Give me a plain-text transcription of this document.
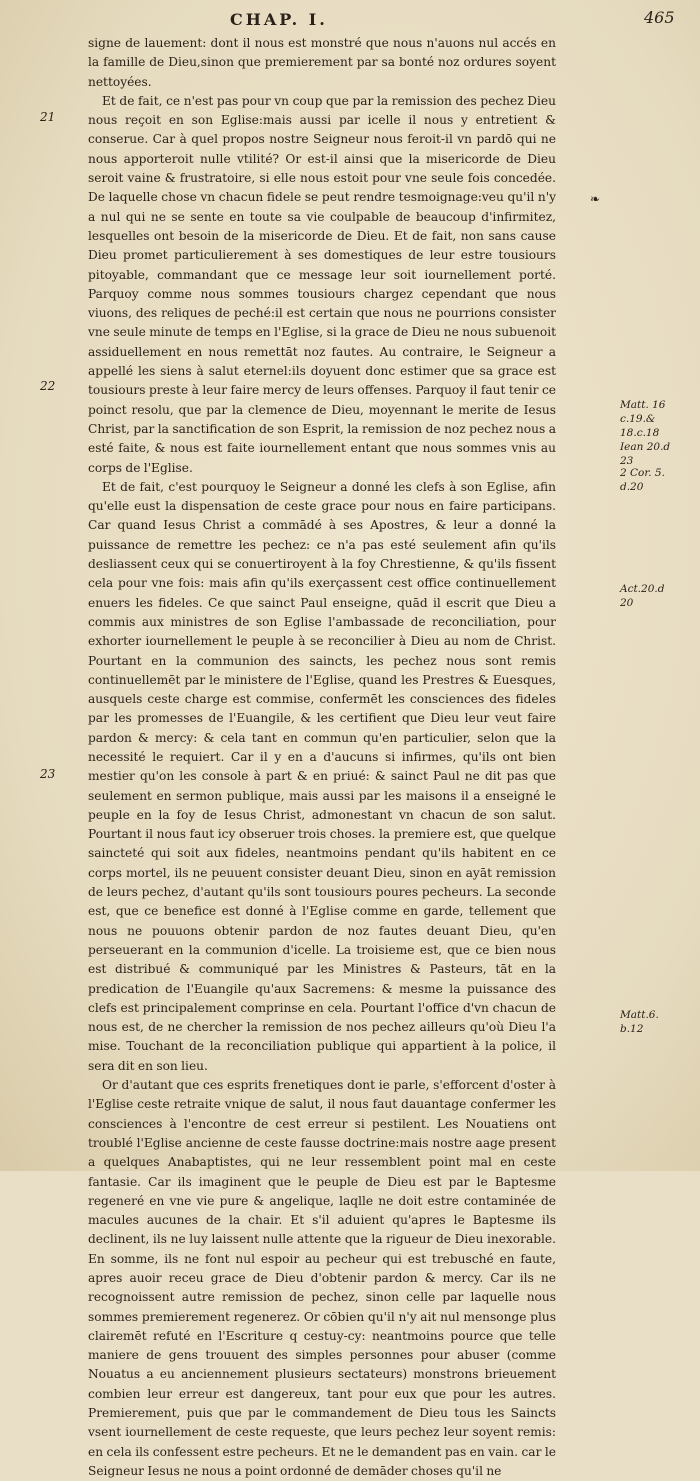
CHAP. I.	465
21
22
23
❧

signe de lauement: dont il nous est monstré que nous n'auons nul accés en la famille de Dieu,sinon que premierement par sa bonté noz ordures soyent nettoyées.

Et de fait, ce n'est pas pour vn coup que par la remission des pechez Dieu nous reçoit en son Eglise:mais aussi par icelle il nous y entretient & conserue. Car à quel propos nostre Seigneur nous feroit-il vn pardō qui ne nous apporteroit nulle vtilité? Or est-il ainsi que la misericorde de Dieu seroit vaine & frustratoire, si elle nous estoit pour vne seule fois concedée. De laquelle chose vn chacun fidele se peut rendre tesmoignage:veu qu'il n'y a nul qui ne se sente en toute sa vie coulpable de beaucoup d'infirmitez, lesquelles ont besoin de la misericorde de Dieu. Et de fait, non sans cause Dieu promet particulierement à ses domestiques de leur estre tousiours pitoyable, commandant que ce message leur soit iournellement porté. Parquoy comme nous sommes tousiours chargez cependant que nous viuons, des reliques de peché:il est certain que nous ne pourrions consister vne seule minute de temps en l'Eglise, si la grace de Dieu ne nous subuenoit assiduellement en nous remettāt noz fautes. Au contraire, le Seigneur a appellé les siens à salut eternel:ils doyuent donc estimer que sa grace est tousiours preste à leur faire mercy de leurs offenses. Parquoy il faut tenir ce poinct resolu, que par la clemence de Dieu, moyennant le merite de Iesus Christ, par la sanctification de son Esprit, la remission de noz pechez nous a esté faite, & nous est faite iournellement entant que nous sommes vnis au corps de l'Eglise.

Et de fait, c'est pourquoy le Seigneur a donné les clefs à son Eglise, afin qu'elle eust la dispensation de ceste grace pour nous en faire participans. Car quand Iesus Christ a commādé à ses Apostres, & leur a donné la puissance de remettre les pechez: ce n'a pas esté seulement afin qu'ils desliassent ceux qui se conuertiroyent à la foy Chrestienne, & qu'ils fissent cela pour vne fois: mais afin qu'ils exerçassent cest office continuellement enuers les fideles. Ce que sainct Paul enseigne, quād il escrit que Dieu a commis aux ministres de son Eglise l'ambassade de reconciliation, pour exhorter iournellement le peuple à se reconcilier à Dieu au nom de Christ. Pourtant en la communion des saincts, les pechez nous sont remis continuellemēt par le ministere de l'Eglise, quand les Prestres & Euesques, ausquels ceste charge est commise, confermēt les consciences des fideles par les promesses de l'Euangile, & les certifient que Dieu leur veut faire pardon & mercy: & cela tant en commun qu'en particulier, selon que la necessité le requiert. Car il y en a d'aucuns si infirmes, qu'ils ont bien mestier qu'on les console à part & en priué: & sainct Paul ne dit pas que seulement en sermon publique, mais aussi par les maisons il a enseigné le peuple en la foy de Iesus Christ, admonestant vn chacun de son salut. Pourtant il nous faut icy obseruer trois choses. la premiere est, que quelque saincteté qui soit aux fideles, neantmoins pendant qu'ils habitent en ce corps mortel, ils ne peuuent consister deuant Dieu, sinon en ayāt remission de leurs pechez, d'autant qu'ils sont tousiours poures pecheurs. La seconde est, que ce benefice est donné à l'Eglise comme en garde, tellement que nous ne pouuons obtenir pardon de noz fautes deuant Dieu, qu'en perseuerant en la communion d'icelle. La troisieme est, que ce bien nous est distribué & communiqué par les Ministres & Pasteurs, tāt en la predication de l'Euangile qu'aux Sacremens: & mesme la puissance des clefs est principalement comprinse en cela. Pourtant l'office d'vn chacun de nous est, de ne chercher la remission de nos pechez ailleurs qu'où Dieu l'a mise. Touchant de la reconciliation publique qui appartient à la police, il sera dit en son lieu.

Or d'autant que ces esprits frenetiques dont ie parle, s'efforcent d'oster à l'Eglise ceste retraite vnique de salut, il nous faut dauantage confermer les consciences à l'encontre de cest erreur si pestilent. Les Nouatiens ont troublé l'Eglise ancienne de ceste fausse doctrine:mais nostre aage present a quelques Anabaptistes, qui ne leur ressemblent point mal en ceste fantasie. Car ils imaginent que le peuple de Dieu est par le Baptesme regeneré en vne vie pure & angelique, laqlle ne doit estre contaminée de macules aucunes de la chair. Et s'il aduient qu'apres le Baptesme ils declinent, ils ne luy laissent nulle attente que la rigueur de Dieu inexorable. En somme, ils ne font nul espoir au pecheur qui est trebusché en faute, apres auoir receu grace de Dieu d'obtenir pardon & mercy. Car ils ne recognoissent autre remission de pechez, sinon celle par laquelle nous sommes premierement regenerez. Or cōbien qu'il n'y ait nul mensonge plus clairemēt refuté en l'Escriture q cestuy-cy: neantmoins pource que telle maniere de gens trouuent des simples personnes pour abuser (comme Nouatus a eu anciennement plusieurs sectateurs) monstrons brieuement combien leur erreur est dangereux, tant pour eux que pour les autres. Premierement, puis que par le commandement de Dieu tous les Saincts vsent iournellement de ceste requeste, que leurs pechez leur soyent remis: en cela ils confessent estre pecheurs. Et ne le demandent pas en vain. car le Seigneur Iesus ne nous a point ordonné de demāder choses qu'il ne

Matt. 16 c.19.&
18.c.18
Iean 20.d
23
2 Cor. 5.
d.20
Act.20.d
20
Matt.6.
b.12
